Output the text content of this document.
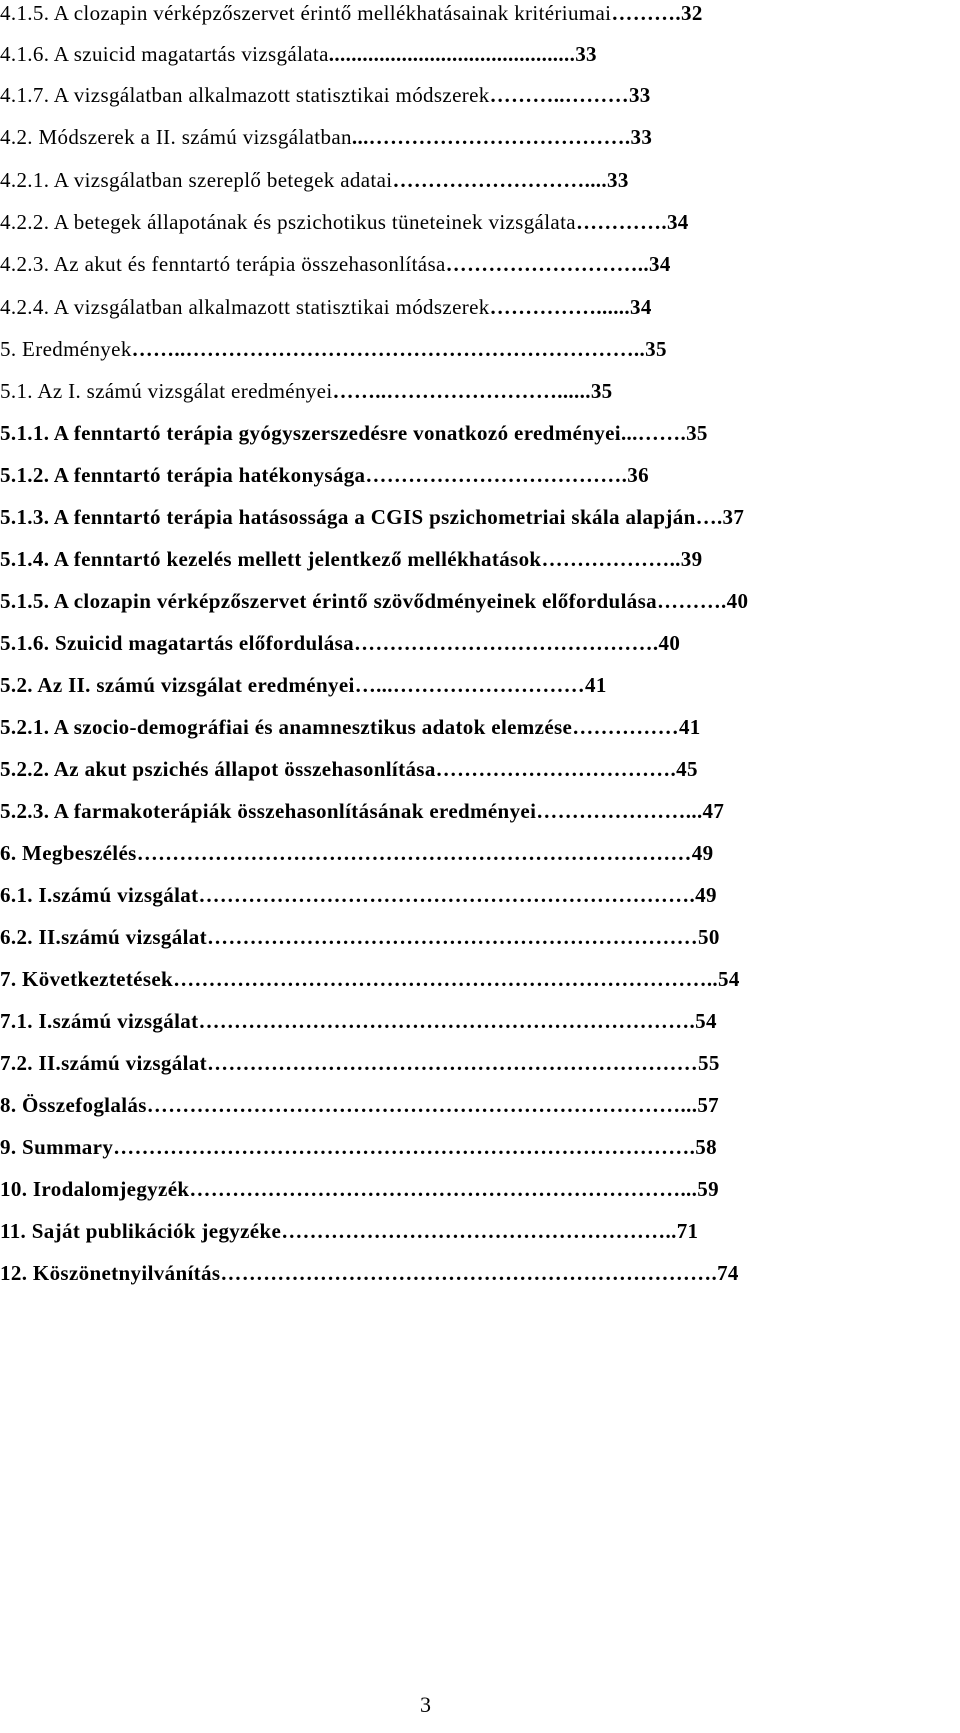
4.1.5. A clozapin vérképzőszervet érintő mellékhatásainak kritériumai……….32
4.1.6. A szuicid magatartás vizsgálata............................................33
4.1.7. A vizsgálatban alkalmazott statisztikai módszerek………..………33
4.2. Módszerek a II. számú vizsgálatban...……………………………….33
4.2.1. A vizsgálatban szereplő betegek adatai………………………....33
4.2.2. A betegek állapotának és pszichotikus tüneteinek vizsgálata………….34
4.2.3. Az akut és fenntartó terápia összehasonlítása………………………..34
4.2.4. A vizsgálatban alkalmazott statisztikai módszerek……………......34
5. Eredmények……..………………………………………………………..35
5.1. Az I. számú vizsgálat eredményei……..……………………......35
5.1.1. A fenntartó terápia gyógyszerszedésre vonatkozó eredményei...…….35
5.1.2. A fenntartó terápia hatékonysága……………………………….36
5.1.3. A fenntartó terápia hatásossága a CGIS pszichometriai skála alapján….37
5.1.4. A fenntartó kezelés mellett jelentkező mellékhatások………………..39
5.1.5. A clozapin vérképzőszervet érintő szövődményeinek előfordulása……….40
5.1.6. Szuicid magatartás előfordulása…………………………………….40
5.2. Az II. számú vizsgálat eredményei…...………………………41
5.2.1. A szocio-demográfiai és anamnesztikus adatok elemzése……………41
5.2.2. Az akut pszichés állapot összehasonlítása…………………………….45
5.2.3. A farmakoterápiák összehasonlításának eredményei…………………...47
6. Megbeszélés……………………………………………………………………49
6.1. I.számú vizsgálat…………………………………………………………….49
6.2. II.számú vizsgálat……………………………………………………………50
7. Következtetések…………………………………………………………………..54
7.1. I.számú vizsgálat…………………………………………………………….54
7.2. II.számú vizsgálat……………………………………………………………55
8. Összefoglalás…………………………………………………………………...57
9. Summary……………………………………………………………………….58
10. Irodalomjegyzék……………………………………………………………...59
11. Saját publikációk jegyzéke………………………………………………..71
12. Köszönetnyilvánítás…………………………………………………………….74
3
